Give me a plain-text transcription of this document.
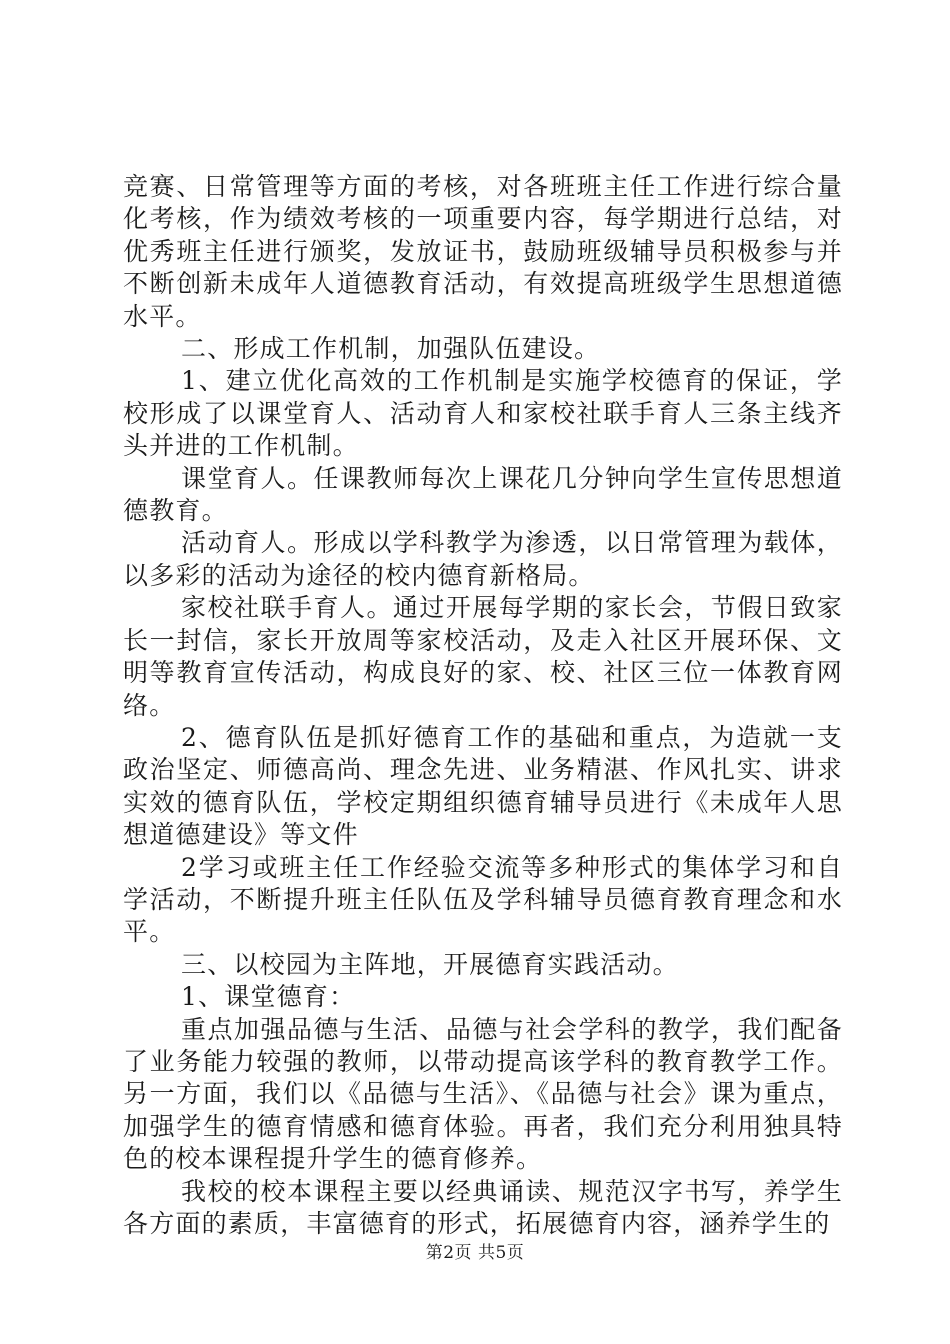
竞赛、日常管理等方面的考核，对各班班主任工作进行综合量化考核，作为绩效考核的一项重要内容，每学期进行总结，对优秀班主任进行颁奖，发放证书，鼓励班级辅导员积极参与并不断创新未成年人道德教育活动，有效提高班级学生思想道德水平。

二、形成工作机制，加强队伍建设。

1、建立优化高效的工作机制是实施学校德育的保证，学校形成了以课堂育人、活动育人和家校社联手育人三条主线齐头并进的工作机制。

课堂育人。任课教师每次上课花几分钟向学生宣传思想道德教育。

活动育人。形成以学科教学为渗透，以日常管理为载体，以多彩的活动为途径的校内德育新格局。

家校社联手育人。通过开展每学期的家长会，节假日致家长一封信，家长开放周等家校活动，及走入社区开展环保、文明等教育宣传活动，构成良好的家、校、社区三位一体教育网络。

2、德育队伍是抓好德育工作的基础和重点，为造就一支政治坚定、师德高尚、理念先进、业务精湛、作风扎实、讲求实效的德育队伍，学校定期组织德育辅导员进行《未成年人思想道德建设》等文件

2学习或班主任工作经验交流等多种形式的集体学习和自学活动，不断提升班主任队伍及学科辅导员德育教育理念和水平。

三、以校园为主阵地，开展德育实践活动。

1、课堂德育：

重点加强品德与生活、品德与社会学科的教学，我们配备了业务能力较强的教师，以带动提高该学科的教育教学工作。另一方面，我们以《品德与生活》、《品德与社会》课为重点，加强学生的德育情感和德育体验。再者，我们充分利用独具特色的校本课程提升学生的德育修养。

我校的校本课程主要以经典诵读、规范汉字书写，养学生各方面的素质，丰富德育的形式，拓展德育内容，涵养学生的

第2页 共5页
